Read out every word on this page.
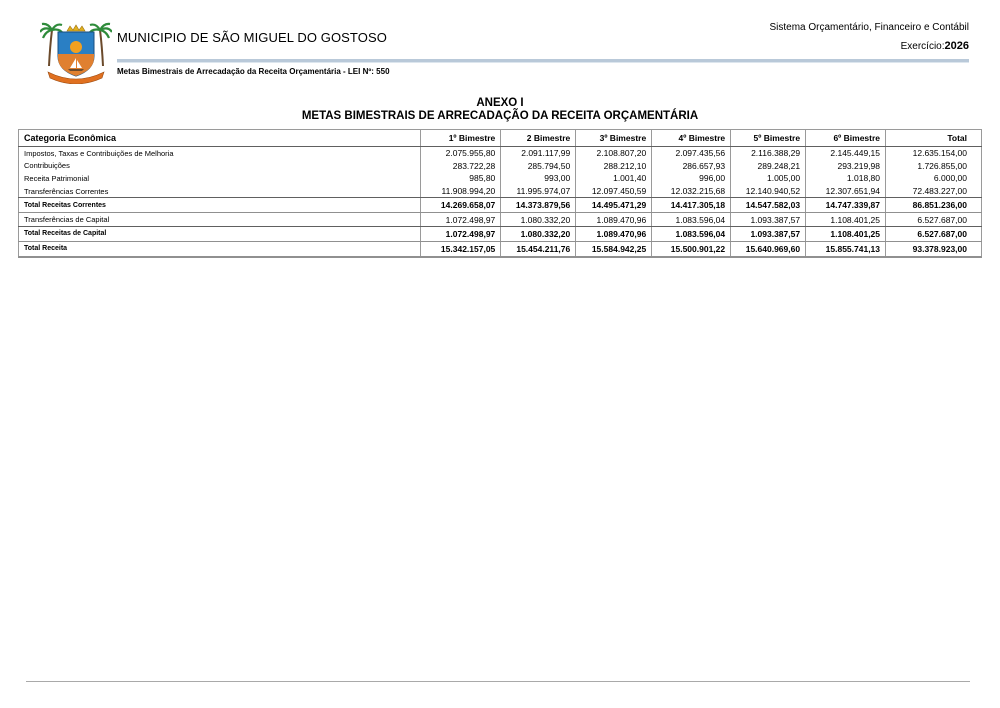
MUNICIPIO DE SÃO MIGUEL DO GOSTOSO
Sistema Orçamentário, Financeiro e Contábil
Exercício:2026
Metas Bimestrais de Arrecadação da Receita Orçamentária - LEI Nº: 550
ANEXO I
METAS BIMESTRAIS DE ARRECADAÇÃO DA RECEITA ORÇAMENTÁRIA
Categoria Econômica	1º Bimestre	2 Bimestre	3º Bimestre	4º Bimestre	5º Bimestre	6º Bimestre	Total
Impostos, Taxas e Contribuições de Melhoria	2.075.955,80	2.091.117,99	2.108.807,20	2.097.435,56	2.116.388,29	2.145.449,15	12.635.154,00
Contribuições	283.722,28	285.794,50	288.212,10	286.657,93	289.248,21	293.219,98	1.726.855,00
Receita Patrimonial	985,80	993,00	1.001,40	996,00	1.005,00	1.018,80	6.000,00
Transferências Correntes	11.908.994,20	11.995.974,07	12.097.450,59	12.032.215,68	12.140.940,52	12.307.651,94	72.483.227,00
Total Receitas Correntes	14.269.658,07	14.373.879,56	14.495.471,29	14.417.305,18	14.547.582,03	14.747.339,87	86.851.236,00
Transferências de Capital	1.072.498,97	1.080.332,20	1.089.470,96	1.083.596,04	1.093.387,57	1.108.401,25	6.527.687,00
Total Receitas de Capital	1.072.498,97	1.080.332,20	1.089.470,96	1.083.596,04	1.093.387,57	1.108.401,25	6.527.687,00
Total Receita	15.342.157,05	15.454.211,76	15.584.942,25	15.500.901,22	15.640.969,60	15.855.741,13	93.378.923,00
